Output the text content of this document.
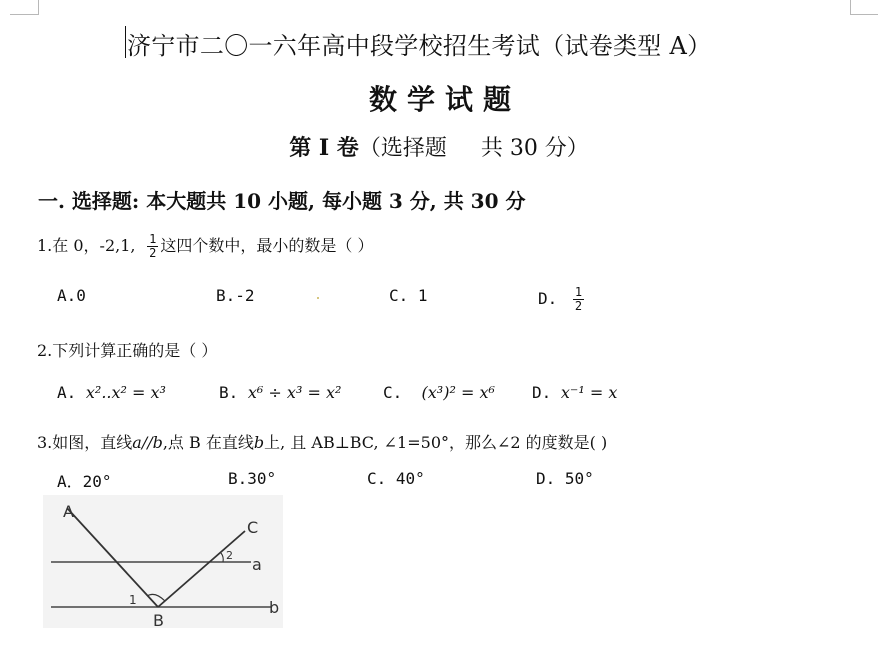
济宁市二〇一六年高中段学校招生考试（试卷类型 A）
数学试题
第 I 卷（选择题 共 30 分）
一. 选择题: 本大题共 10 小题, 每小题 3 分, 共 30 分
1.在 0，-2,1, $\frac{1}{2}$ 这四个数中，最小的数是（ ）
A.0	B.-2	C. 1	D. $\frac{1}{2}$
2.下列计算正确的是（ ）
A. x²..x² = x³	B. x⁶ ÷ x³ = x²	C. (x³)² = x⁶ D. x⁻¹ = x
3.如图，直线a//b,点 B 在直线b上, 且 AB⊥BC, ∠1=50°，那么∠2 的度数是( )
A．20°	B.30°	C. 40°	D. 50°
A
B
C
a
b
1
2
